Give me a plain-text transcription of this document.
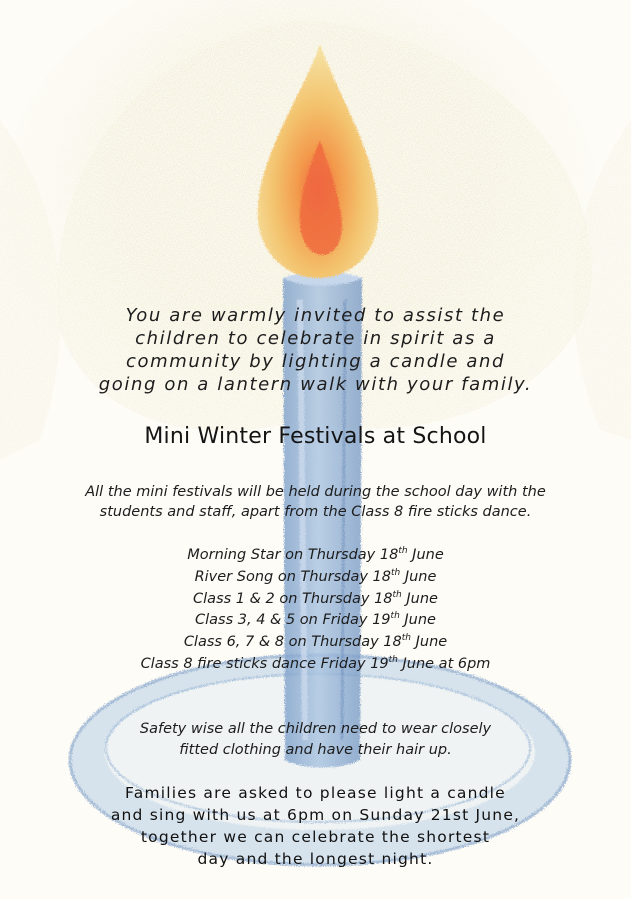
You are warmly invited to assist the
children to celebrate in spirit as a
community by lighting a candle and
going on a lantern walk with your family.
Mini Winter Festivals at School
All the mini festivals will be held during the school day with the
students and staff, apart from the Class 8 fire sticks dance.
Morning Star on Thursday 18th June
River Song on Thursday 18th June
Class 1 & 2 on Thursday 18th June
Class 3, 4 & 5 on Friday 19th June
Class 6, 7 & 8 on Thursday 18th June
Class 8 fire sticks dance Friday 19th June at 6pm
Safety wise all the children need to wear closely
fitted clothing and have their hair up.
Families are asked to please light a candle
and sing with us at 6pm on Sunday 21st June,
together we can celebrate the shortest
day and the longest night.
